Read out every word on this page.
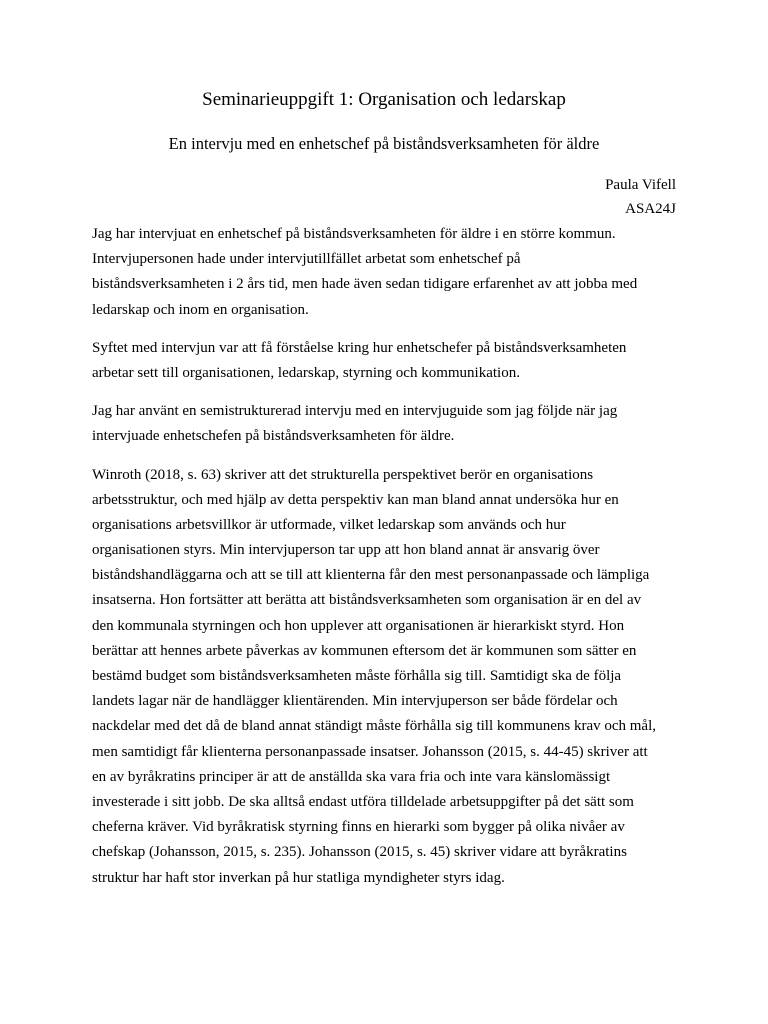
Seminarieuppgift 1: Organisation och ledarskap
En intervju med en enhetschef på biståndsverksamheten för äldre
Paula Vifell
ASA24J
Jag har intervjuat en enhetschef på biståndsverksamheten för äldre i en större kommun.
Intervjupersonen hade under intervjutillfället arbetat som enhetschef på
biståndsverksamheten i 2 års tid, men hade även sedan tidigare erfarenhet av att jobba med
ledarskap och inom en organisation.
Syftet med intervjun var att få förståelse kring hur enhetschefer på biståndsverksamheten
arbetar sett till organisationen, ledarskap, styrning och kommunikation.
Jag har använt en semistrukturerad intervju med en intervjuguide som jag följde när jag
intervjuade enhetschefen på biståndsverksamheten för äldre.
Winroth (2018, s. 63) skriver att det strukturella perspektivet berör en organisations
arbetsstruktur, och med hjälp av detta perspektiv kan man bland annat undersöka hur en
organisations arbetsvillkor är utformade, vilket ledarskap som används och hur
organisationen styrs. Min intervjuperson tar upp att hon bland annat är ansvarig över
biståndshandläggarna och att se till att klienterna får den mest personanpassade och lämpliga
insatserna. Hon fortsätter att berätta att biståndsverksamheten som organisation är en del av
den kommunala styrningen och hon upplever att organisationen är hierarkiskt styrd. Hon
berättar att hennes arbete påverkas av kommunen eftersom det är kommunen som sätter en
bestämd budget som biståndsverksamheten måste förhålla sig till. Samtidigt ska de följa
landets lagar när de handlägger klientärenden. Min intervjuperson ser både fördelar och
nackdelar med det då de bland annat ständigt måste förhålla sig till kommunens krav och mål,
men samtidigt får klienterna personanpassade insatser. Johansson (2015, s. 44-45) skriver att
en av byråkratins principer är att de anställda ska vara fria och inte vara känslomässigt
investerade i sitt jobb. De ska alltså endast utföra tilldelade arbetsuppgifter på det sätt som
cheferna kräver. Vid byråkratisk styrning finns en hierarki som bygger på olika nivåer av
chefskap (Johansson, 2015, s. 235). Johansson (2015, s. 45) skriver vidare att byråkratins
struktur har haft stor inverkan på hur statliga myndigheter styrs idag.
